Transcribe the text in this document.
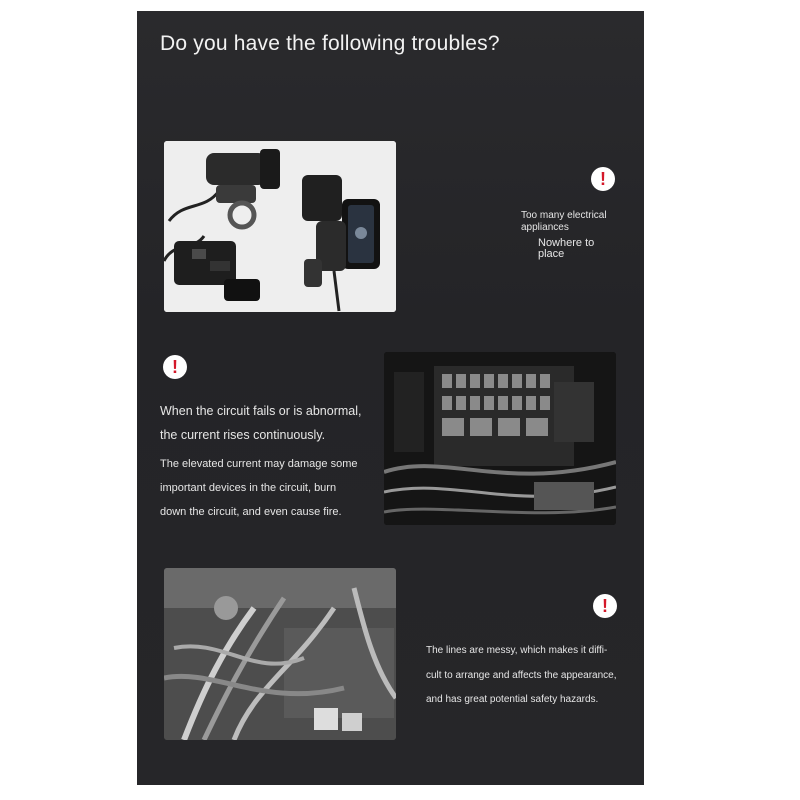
Do you have the following troubles?
!

Too many electrical

appliances

Nowhere to

place

!

When the circuit fails or is abnormal,

the current rises continuously.

The elevated current may damage some

important devices in the circuit, burn

down the circuit, and even cause fire.

!

The lines are messy, which makes it diffi-

cult to arrange and affects the appearance,

and has great potential safety hazards.
